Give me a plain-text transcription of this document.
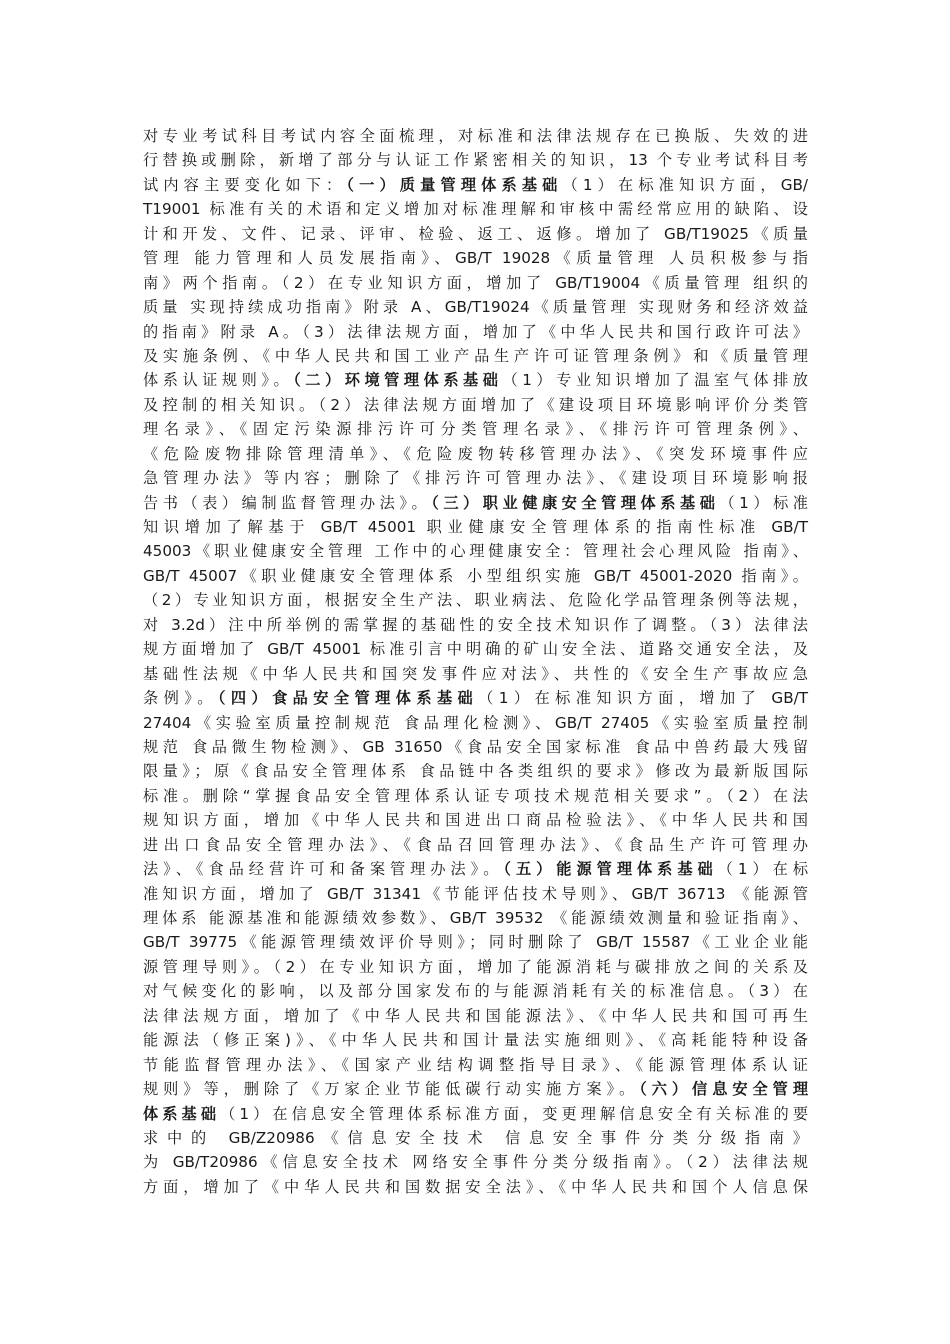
对专业考试科目考试内容全面梳理，对标准和法律法规存在已换版、失效的进
行替换或删除，新增了部分与认证工作紧密相关的知识，13 个专业考试科目考
试内容主要变化如下：（一）质量管理体系基础（1）在标准知识方面，GB/
T19001 标准有关的术语和定义增加对标准理解和审核中需经常应用的缺陷、设
计和开发、文件、记录、评审、检验、返工、返修。增加了 GB/T19025《质量
管理 能力管理和人员发展指南》、GB/T 19028《质量管理 人员积极参与指
南》两个指南。（2）在专业知识方面，增加了 GB/T19004《质量管理 组织的
质量 实现持续成功指南》附录 A、GB/T19024《质量管理 实现财务和经济效益
的指南》附录 A。（3）法律法规方面，增加了《中华人民共和国行政许可法》
及实施条例、《中华人民共和国工业产品生产许可证管理条例》和《质量管理
体系认证规则》。（二）环境管理体系基础（1）专业知识增加了温室气体排放
及控制的相关知识。（2）法律法规方面增加了《建设项目环境影响评价分类管
理名录》、《固定污染源排污许可分类管理名录》、《排污许可管理条例》、
《危险废物排除管理清单》、《危险废物转移管理办法》、《突发环境事件应
急管理办法》等内容；删除了《排污许可管理办法》、《建设项目环境影响报
告书（表）编制监督管理办法》。（三）职业健康安全管理体系基础（1）标准
知识增加了解基于 GB/T 45001 职业健康安全管理体系的指南性标准 GB/T
45003《职业健康安全管理 工作中的心理健康安全：管理社会心理风险 指南》、
GB/T 45007《职业健康安全管理体系 小型组织实施 GB/T 45001-2020 指南》。
（2）专业知识方面，根据安全生产法、职业病法、危险化学品管理条例等法规，
对 3.2d）注中所举例的需掌握的基础性的安全技术知识作了调整。（3）法律法
规方面增加了 GB/T 45001 标准引言中明确的矿山安全法、道路交通安全法，及
基础性法规《中华人民共和国突发事件应对法》、共性的《安全生产事故应急
条例》。（四）食品安全管理体系基础（1）在标准知识方面，增加了 GB/T
27404《实验室质量控制规范 食品理化检测》、GB/T 27405《实验室质量控制
规范 食品微生物检测》、GB 31650《食品安全国家标准 食品中兽药最大残留
限量》；原《食品安全管理体系 食品链中各类组织的要求》修改为最新版国际
标准。删除“掌握食品安全管理体系认证专项技术规范相关要求”。（2）在法
规知识方面，增加《中华人民共和国进出口商品检验法》、《中华人民共和国
进出口食品安全管理办法》、《食品召回管理办法》、《食品生产许可管理办
法》、《食品经营许可和备案管理办法》。（五）能源管理体系基础（1）在标
准知识方面，增加了 GB/T 31341《节能评估技术导则》、GB/T 36713 《能源管
理体系 能源基准和能源绩效参数》、GB/T 39532 《能源绩效测量和验证指南》、
GB/T 39775《能源管理绩效评价导则》；同时删除了 GB/T 15587《工业企业能
源管理导则》。（2）在专业知识方面，增加了能源消耗与碳排放之间的关系及
对气候变化的影响，以及部分国家发布的与能源消耗有关的标准信息。（3）在
法律法规方面，增加了《中华人民共和国能源法》、《中华人民共和国可再生
能源法（修正案)》、《中华人民共和国计量法实施细则》、《高耗能特种设备
节能监督管理办法》、《国家产业结构调整指导目录》、《能源管理体系认证
规则》等，删除了《万家企业节能低碳行动实施方案》。（六）信息安全管理
体系基础（1）在信息安全管理体系标准方面，变更理解信息安全有关标准的要
求中的 GB/Z20986《信息安全技术 信息安全事件分类分级指南》
为 GB/T20986《信息安全技术 网络安全事件分类分级指南》。（2）法律法规
方面，增加了《中华人民共和国数据安全法》、《中华人民共和国个人信息保
